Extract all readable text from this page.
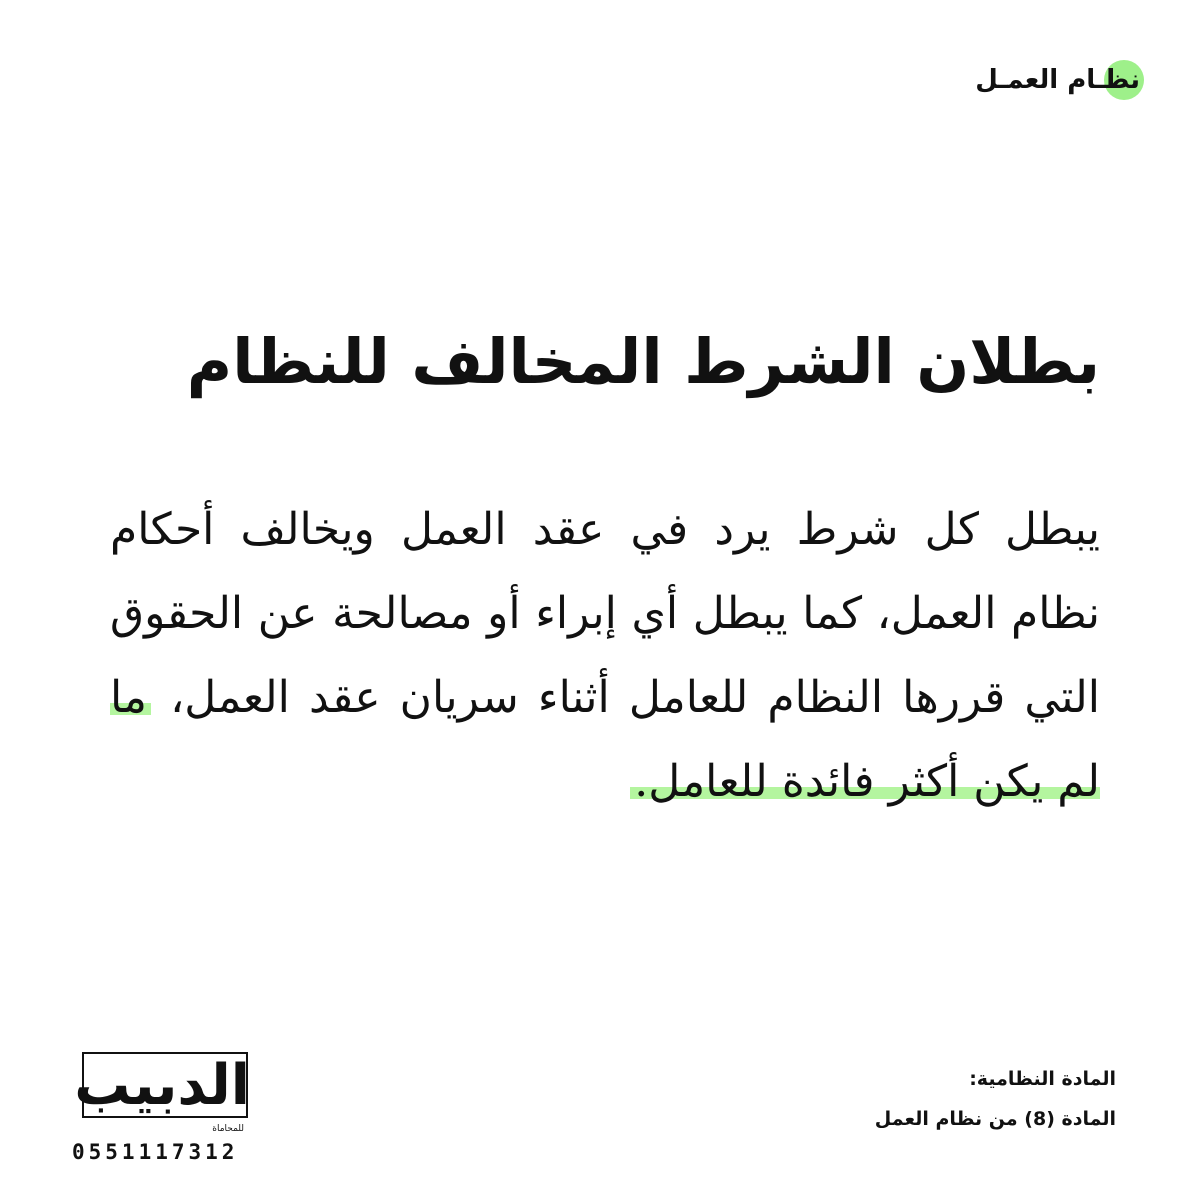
نظـام العمـل
بطلان الشرط المخالف للنظام
يبطل كل شرط يرد في عقد العمل ويخالف أحكام نظام العمل، كما يبطل أي إبراء أو مصالحة عن الحقوق التي قررها النظام للعامل أثناء سريان عقد العمل، ما لم يكن أكثر فائدة للعامل.
المادة النظامية:
المادة (8) من نظام العمل
الدبيب
للمحاماة
0551117312
